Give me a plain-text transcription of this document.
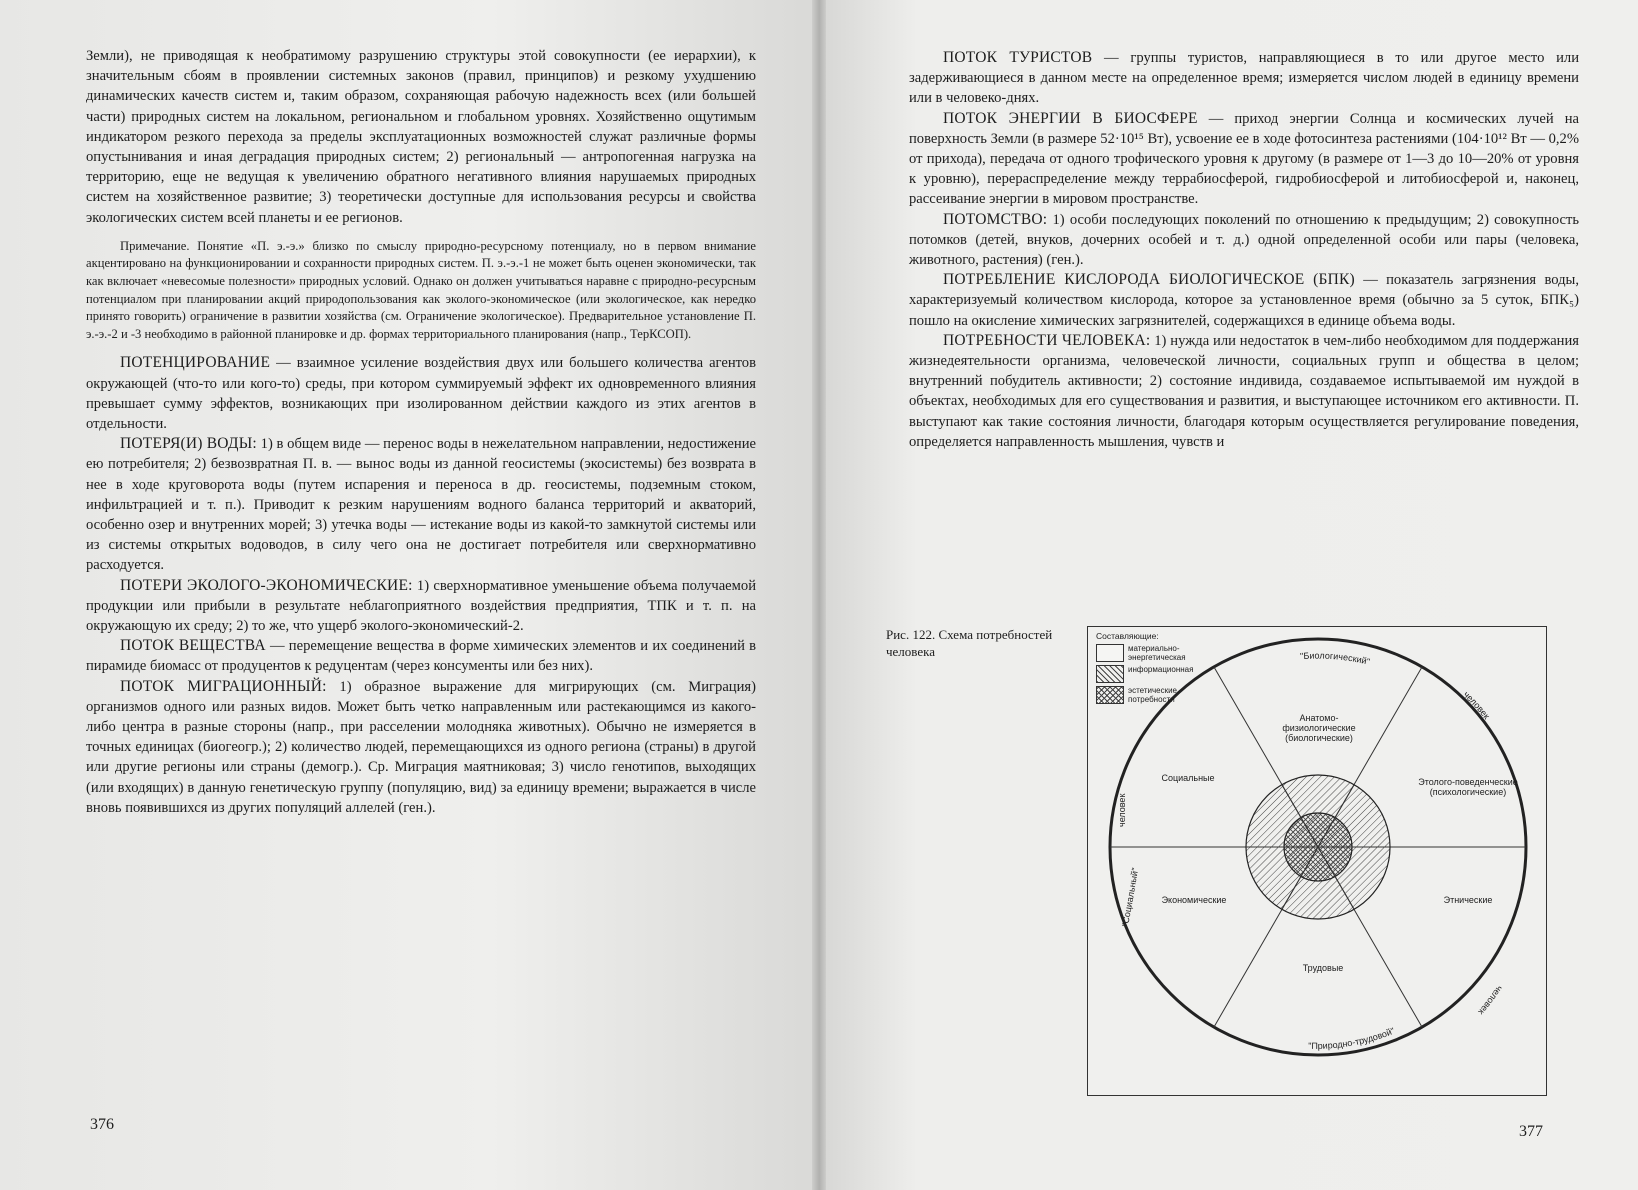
Земли), не приводящая к необратимому разрушению структуры этой совокупности (ее иерархии), к значительным сбоям в проявлении системных законов (правил, принципов) и резкому ухудшению динамических качеств систем и, таким образом, сохраняющая рабочую надежность всех (или большей части) природных систем на локальном, региональном и глобальном уровнях. Хозяйственно ощутимым индикатором резкого перехода за пределы эксплуатационных возможностей служат различные формы опустынивания и иная деградация природных систем; 2) региональный — антропогенная нагрузка на территорию, еще не ведущая к увеличению обратного негативного влияния нарушаемых природных систем на хозяйственное развитие; 3) теоретически доступные для использования ресурсы и свойства экологических систем всей планеты и ее регионов.

Примечание. Понятие «П. э.-э.» близко по смыслу природно-ресурсному потенциалу, но в первом внимание акцентировано на функционировании и сохранности природных систем. П. э.-э.-1 не может быть оценен экономически, так как включает «невесомые полезности» природных условий. Однако он должен учитываться наравне с природно-ресурсным потенциалом при планировании акций природопользования как эколого-экономическое (или экологическое, как нередко принято говорить) ограничение в развитии хозяйства (см. Ограничение экологическое). Предварительное установление П. э.-э.-2 и -3 необходимо в районной планировке и др. формах территориального планирования (напр., ТерКСОП).

ПОТЕНЦИРОВАНИЕ — взаимное усиление воздействия двух или большего количества агентов окружающей (что-то или кого-то) среды, при котором суммируемый эффект их одновременного влияния превышает сумму эффектов, возникающих при изолированном действии каждого из этих агентов в отдельности.

ПОТЕРЯ(И) ВОДЫ: 1) в общем виде — перенос воды в нежелательном направлении, недостижение ею потребителя; 2) безвозвратная П. в. — вынос воды из данной геосистемы (экосистемы) без возврата в нее в ходе круговорота воды (путем испарения и переноса в др. геосистемы, подземным стоком, инфильтрацией и т. п.). Приводит к резким нарушениям водного баланса территорий и акваторий, особенно озер и внутренних морей; 3) утечка воды — истекание воды из какой-то замкнутой системы или из системы открытых водоводов, в силу чего она не достигает потребителя или сверхнормативно расходуется.

ПОТЕРИ ЭКОЛОГО-ЭКОНОМИЧЕСКИЕ: 1) сверхнормативное уменьшение объема получаемой продукции или прибыли в результате неблагоприятного воздействия предприятия, ТПК и т. п. на окружающую их среду; 2) то же, что ущерб эколого-экономический-2.

ПОТОК ВЕЩЕСТВА — перемещение вещества в форме химических элементов и их соединений в пирамиде биомасс от продуцентов к редуцентам (через консументы или без них).

ПОТОК МИГРАЦИОННЫЙ: 1) образное выражение для мигрирующих (см. Миграция) организмов одного или разных видов. Может быть четко направленным или растекающимся из какого-либо центра в разные стороны (напр., при расселении молодняка животных). Обычно не измеряется в точных единицах (биогеогр.); 2) количество людей, перемещающихся из одного региона (страны) в другой или другие регионы или страны (демогр.). Ср. Миграция маятниковая; 3) число генотипов, выходящих (или входящих) в данную генетическую группу (популяцию, вид) за единицу времени; выражается в числе вновь появившихся из других популяций аллелей (ген.).

376

ПОТОК ТУРИСТОВ — группы туристов, направляющиеся в то или другое место или задерживающиеся в данном месте на определенное время; измеряется числом людей в единицу времени или в человеко-днях.

ПОТОК ЭНЕРГИИ В БИОСФЕРЕ — приход энергии Солнца и космических лучей на поверхность Земли (в размере 52·10¹⁵ Вт), усвоение ее в ходе фотосинтеза растениями (104·10¹² Вт — 0,2% от прихода), передача от одного трофического уровня к другому (в размере от 1—3 до 10—20% от уровня к уровню), перераспределение между террабиосферой, гидробиосферой и литобиосферой и, наконец, рассеивание энергии в мировом пространстве.

ПОТОМСТВО: 1) особи последующих поколений по отношению к предыдущим; 2) совокупность потомков (детей, внуков, дочерних особей и т. д.) одной определенной особи или пары (человека, животного, растения) (ген.).

ПОТРЕБЛЕНИЕ КИСЛОРОДА БИОЛОГИЧЕСКОЕ (БПК) — показатель загрязнения воды, характеризуемый количеством кислорода, которое за установленное время (обычно за 5 суток, БПК₅) пошло на окисление химических загрязнителей, содержащихся в единице объема воды.

ПОТРЕБНОСТИ ЧЕЛОВЕКА: 1) нужда или недостаток в чем-либо необходимом для поддержания жизнедеятельности организма, человеческой личности, социальных групп и общества в целом; внутренний побудитель активности; 2) состояние индивида, создаваемое испытываемой им нуждой в объектах, необходимых для его существования и развития, и выступающее источником его активности. П. выступают как такие состояния личности, благодаря которым осуществляется регулирование поведения, определяется направленность мышления, чувств и

Рис. 122. Схема потребностей человека	"Биологический"
человек
человек
"Природно-трудовой"
"Социальный"
человек
Составляющие:
материально-энергетическая
информационная
эстетические потребности
Анатомо-физиологические (биологические)
Этолого-поведенческие (психологические)
Этнические
Трудовые
Экономические
Социальные
377
